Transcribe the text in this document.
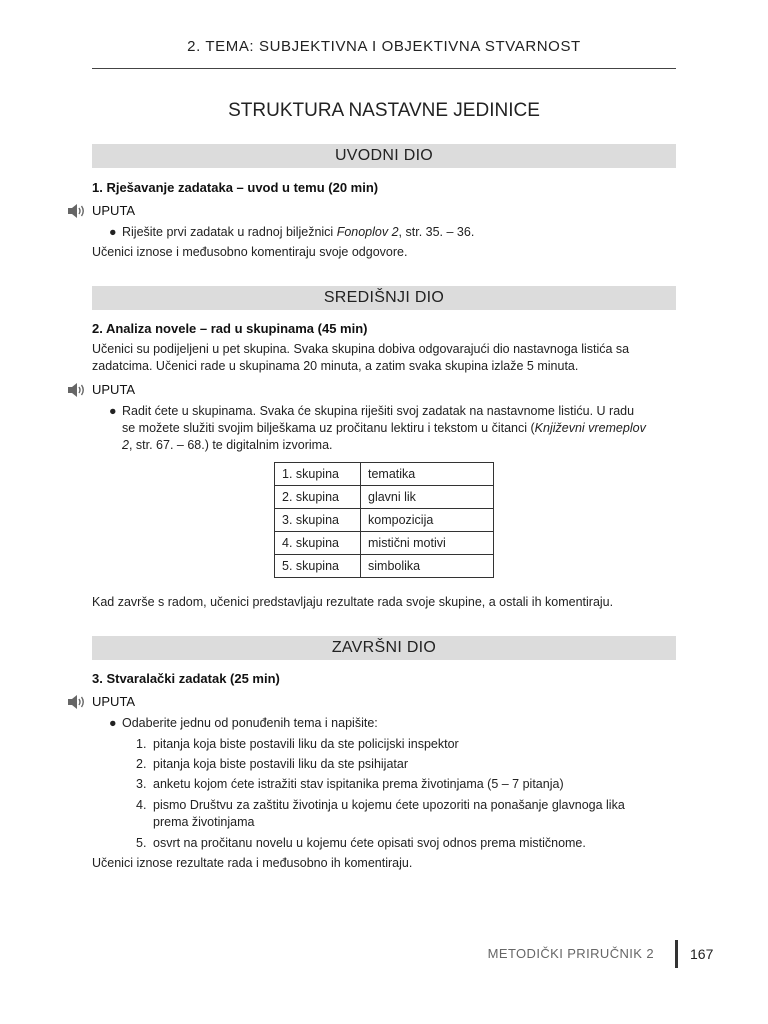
2. TEMA: SUBJEKTIVNA I OBJEKTIVNA STVARNOST
STRUKTURA NASTAVNE JEDINICE
UVODNI DIO
1. Rješavanje zadataka – uvod u temu (20 min)
UPUTA
● Riješite prvi zadatak u radnoj bilježnici Fonoplov 2, str. 35. – 36.
Učenici iznose i međusobno komentiraju svoje odgovore.
SREDIŠNJI DIO
2. Analiza novele – rad u skupinama (45 min)
Učenici su podijeljeni u pet skupina. Svaka skupina dobiva odgovarajući dio nastavnoga listića sa
zadatcima. Učenici rade u skupinama 20 minuta, a zatim svaka skupina izlaže 5 minuta.
UPUTA
● Radit ćete u skupinama. Svaka će skupina riješiti svoj zadatak na nastavnome listiću. U radu
se možete služiti svojim bilješkama uz pročitanu lektiru i tekstom u čitanci (Književni vremeplov
2, str. 67. – 68.) te digitalnim izvorima.
1. skupina	tematika
2. skupina	glavni lik
3. skupina	kompozicija
4. skupina	mistični motivi
5. skupina	simbolika
Kad završe s radom, učenici predstavljaju rezultate rada svoje skupine, a ostali ih komentiraju.
ZAVRŠNI DIO
3. Stvaralački zadatak (25 min)
UPUTA
● Odaberite jednu od ponuđenih tema i napišite:
1. pitanja koja biste postavili liku da ste policijski inspektor
2. pitanja koja biste postavili liku da ste psihijatar
3. anketu kojom ćete istražiti stav ispitanika prema životinjama (5 – 7 pitanja)
4. pismo Društvu za zaštitu životinja u kojemu ćete upozoriti na ponašanje glavnoga lika
prema životinjama
5. osvrt na pročitanu novelu u kojemu ćete opisati svoj odnos prema mističnome.
Učenici iznose rezultate rada i međusobno ih komentiraju.
METODIČKI PRIRUČNIK 2	167
